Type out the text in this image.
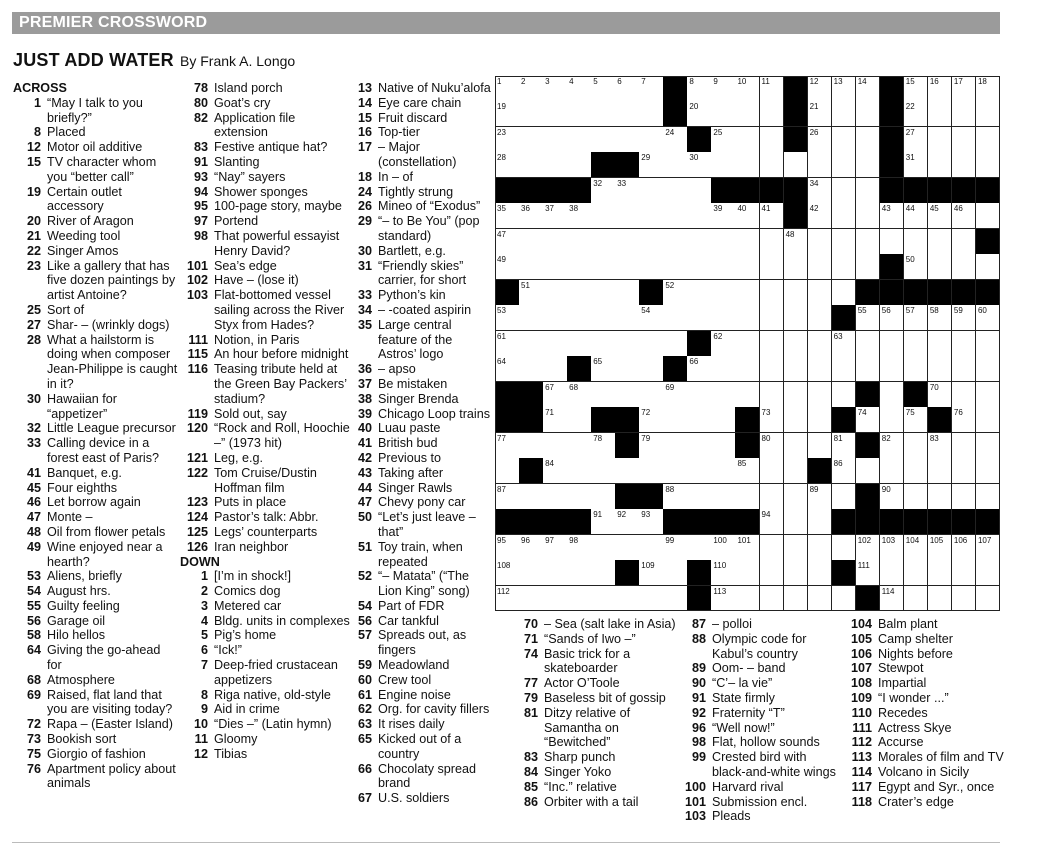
PREMIER CROSSWORD
JUST ADD WATER By Frank A. Longo
ACROSS
1 “May I talk to you briefly?”
8 Placed
12 Motor oil additive
15 TV character whom you “better call”
19 Certain outlet accessory
20 River of Aragon
21 Weeding tool
22 Singer Amos
23 Like a gallery that has five dozen paintings by artist Antoine?
25 Sort of
27 Shar- – (wrinkly dogs)
28 What a hailstorm is doing when composer Jean-Philippe is caught in it?
30 Hawaiian for “appetizer”
32 Little League precursor
33 Calling device in a forest east of Paris?
41 Banquet, e.g.
45 Four eighths
46 Let borrow again
47 Monte –
48 Oil from flower petals
49 Wine enjoyed near a hearth?
53 Aliens, briefly
54 August hrs.
55 Guilty feeling
56 Garage oil
58 Hilo hellos
64 Giving the go-ahead for
68 Atmosphere
69 Raised, flat land that you are visiting today?
72 Rapa – (Easter Island)
73 Bookish sort
75 Giorgio of fashion
76 Apartment policy about animals
78 Island porch
80 Goat’s cry
82 Application file extension
83 Festive antique hat?
91 Slanting
93 “Nay” sayers
94 Shower sponges
95 100-page story, maybe
97 Portend
98 That powerful essayist Henry David?
101 Sea’s edge
102 Have – (lose it)
103 Flat-bottomed vessel sailing across the River Styx from Hades?
111 Notion, in Paris
115 An hour before midnight
116 Teasing tribute held at the Green Bay Packers’ stadium?
119 Sold out, say
120 “Rock and Roll, Hoochie –” (1973 hit)
121 Leg, e.g.
122 Tom Cruise/Dustin Hoffman film
123 Puts in place
124 Pastor’s talk: Abbr.
125 Legs’ counterparts
126 Iran neighbor
DOWN
1 [I’m in shock!]
2 Comics dog
3 Metered car
4 Bldg. units in complexes
5 Pig’s home
6 “Ick!”
7 Deep-fried crustacean appetizers
8 Riga native, old-style
9 Aid in crime
10 “Dies –” (Latin hymn)
11 Gloomy
12 Tibias
13 Native of Nuku’alofa
14 Eye care chain
15 Fruit discard
16 Top-tier
17 – Major (constellation)
18 In – of
24 Tightly strung
26 Mineo of “Exodus”
29 “– to Be You” (pop standard)
30 Bartlett, e.g.
31 “Friendly skies” carrier, for short
33 Python’s kin
34 – -coated aspirin
35 Large central feature of the Astros’ logo
36 – apso
37 Be mistaken
38 Singer Brenda
39 Chicago Loop trains
40 Luau paste
41 British bud
42 Previous to
43 Taking after
44 Singer Rawls
47 Chevy pony car
50 “Let’s just leave – that”
51 Toy train, when repeated
52 “– Matata” (“The Lion King” song)
54 Part of FDR
56 Car tankful
57 Spreads out, as fingers
59 Meadowland
60 Crew tool
61 Engine noise
62 Org. for cavity fillers
63 It rises daily
65 Kicked out of a country
66 Chocolaty spread brand
67 U.S. soldiers
70 – Sea (salt lake in Asia)
71 “Sands of Iwo –”
74 Basic trick for a skateboarder
77 Actor O’Toole
79 Baseless bit of gossip
81 Ditzy relative of Samantha on “Bewitched”
83 Sharp punch
84 Singer Yoko
85 “Inc.” relative
86 Orbiter with a tail
87 – polloi
88 Olympic code for Kabul’s country
89 Oom- – band
90 “C’– la vie”
91 State firmly
92 Fraternity “T”
96 “Well now!”
98 Flat, hollow sounds
99 Crested bird with black-and-white wings
100 Harvard rival
101 Submission encl.
103 Pleads
104 Balm plant
105 Camp shelter
106 Nights before
107 Stewpot
108 Impartial
109 “I wonder ...”
110 Recedes
111 Actress Skye
112 Accurse
113 Morales of film and TV
114 Volcano in Sicily
117 Egypt and Syr., once
118 Crater’s edge
1 2 3 4 5 6 7	8 9 10 11	12 13 14	15 16 17 18
19	20	21	22
23	24	25	26	27
28	29	30	31
32 33	34
35 36 37 38	39 40 41	42	43 44 45 46
47	48
49	50
51	52
53	54	55 56 57 58 59 60
61	62	63
64	65	66
67 68	69	70
71	72	73	74	75	76
77	78	79	80	81	82	83
84	85	86
87	88	89	90
91 92 93	94
95 96 97 98	99	100 101	102 103 104 105 106 107
108	109	110	111
112	113	114
